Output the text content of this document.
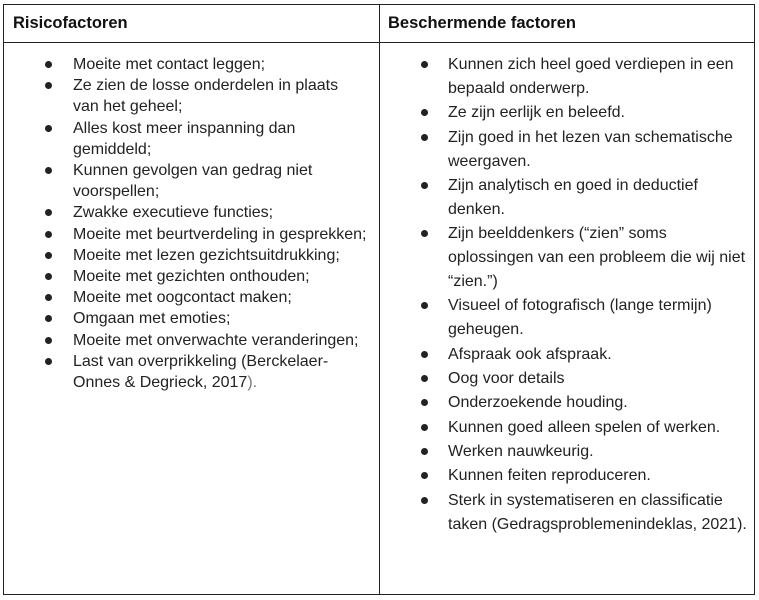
Risicofactoren	Beschermende factoren
Moeite met contact leggen;
Ze zien de losse onderdelen in plaats van het geheel;
Alles kost meer inspanning dan gemiddeld;
Kunnen gevolgen van gedrag niet voorspellen;
Zwakke executieve functies;
Moeite met beurtverdeling in gesprekken;
Moeite met lezen gezichtsuitdrukking;
Moeite met gezichten onthouden;
Moeite met oogcontact maken;
Omgaan met emoties;
Moeite met onverwachte veranderingen;
Last van overprikkeling (Berckelaer-Onnes & Degrieck, 2017).
Kunnen zich heel goed verdiepen in een bepaald onderwerp.
Ze zijn eerlijk en beleefd.
Zijn goed in het lezen van schematische weergaven.
Zijn analytisch en goed in deductief denken.
Zijn beelddenkers (“zien” soms oplossingen van een probleem die wij niet “zien.”)
Visueel of fotografisch (lange termijn) geheugen.
Afspraak ook afspraak.
Oog voor details
Onderzoekende houding.
Kunnen goed alleen spelen of werken.
Werken nauwkeurig.
Kunnen feiten reproduceren.
Sterk in systematiseren en classificatie taken (Gedragsproblemenindeklas, 2021).
